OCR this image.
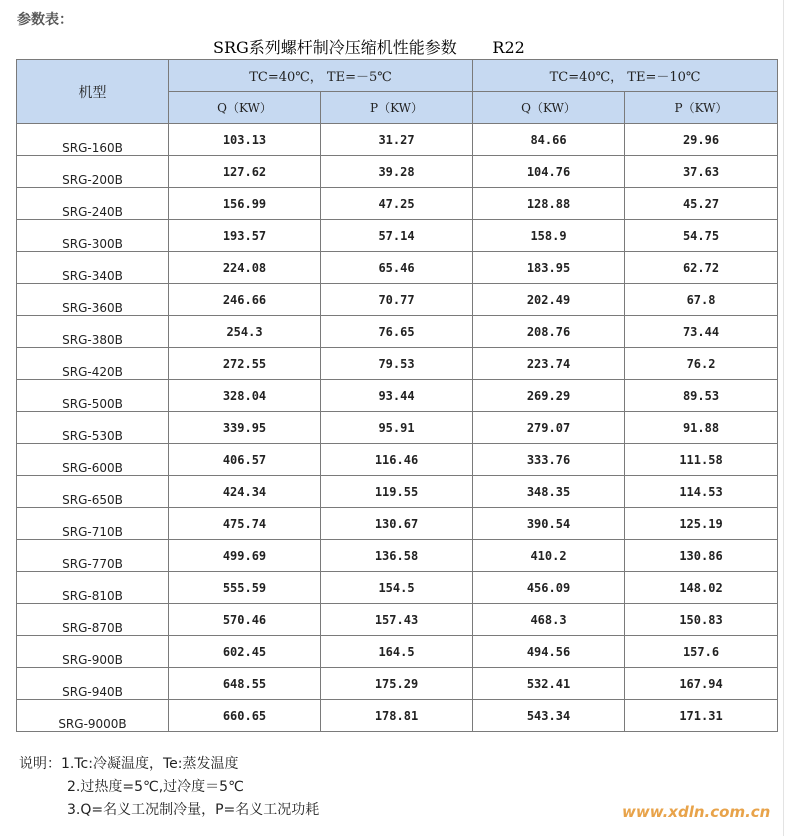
参数表：
SRG系列螺杆制冷压缩机性能参数 R22
机型	TC=40℃， TE=－5℃		TC=40℃， TE=－10℃	
	Q（KW）	P（KW）	Q（KW）	P（KW）
SRG-160B	103.13	31.27	84.66	29.96
SRG-200B	127.62	39.28	104.76	37.63
SRG-240B	156.99	47.25	128.88	45.27
SRG-300B	193.57	57.14	158.9	54.75
SRG-340B	224.08	65.46	183.95	62.72
SRG-360B	246.66	70.77	202.49	67.8
SRG-380B	254.3	76.65	208.76	73.44
SRG-420B	272.55	79.53	223.74	76.2
SRG-500B	328.04	93.44	269.29	89.53
SRG-530B	339.95	95.91	279.07	91.88
SRG-600B	406.57	116.46	333.76	111.58
SRG-650B	424.34	119.55	348.35	114.53
SRG-710B	475.74	130.67	390.54	125.19
SRG-770B	499.69	136.58	410.2	130.86
SRG-810B	555.59	154.5	456.09	148.02
SRG-870B	570.46	157.43	468.3	150.83
SRG-900B	602.45	164.5	494.56	157.6
SRG-940B	648.55	175.29	532.41	167.94
SRG-9000B	660.65	178.81	543.34	171.31
说明：1.Tc:冷凝温度，Te:蒸发温度
2.过热度=5℃,过冷度＝5℃
3.Q=名义工况制冷量，P=名义工况功耗	www.xdln.com.cn
